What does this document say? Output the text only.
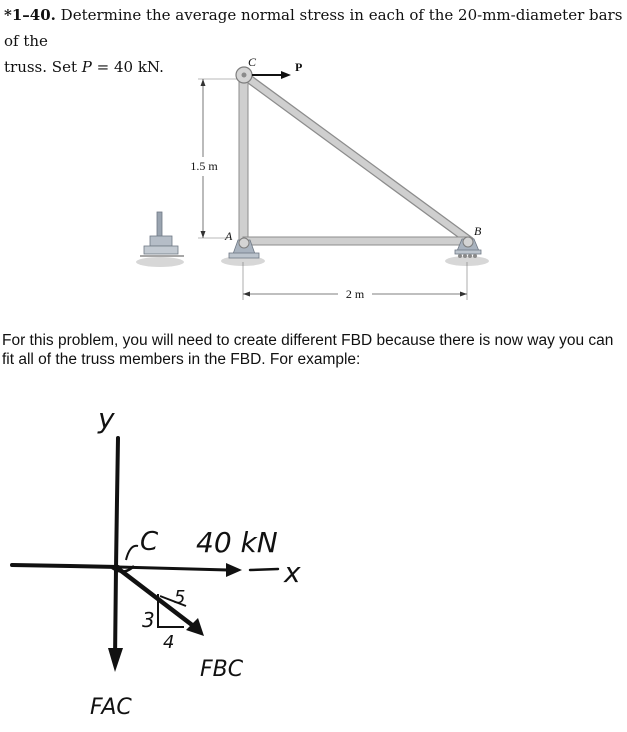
*1–40. Determine the average normal stress in each of the 20-mm-diameter bars of the
truss. Set P = 40 kN.
1.5 m
2 m
C	P
A	B
For this problem, you will need to create different FBD because there is now way you can fit all of the truss members in the FBD. For example:
y
C 40 kN
x
3
4
5
FAC
FBC
